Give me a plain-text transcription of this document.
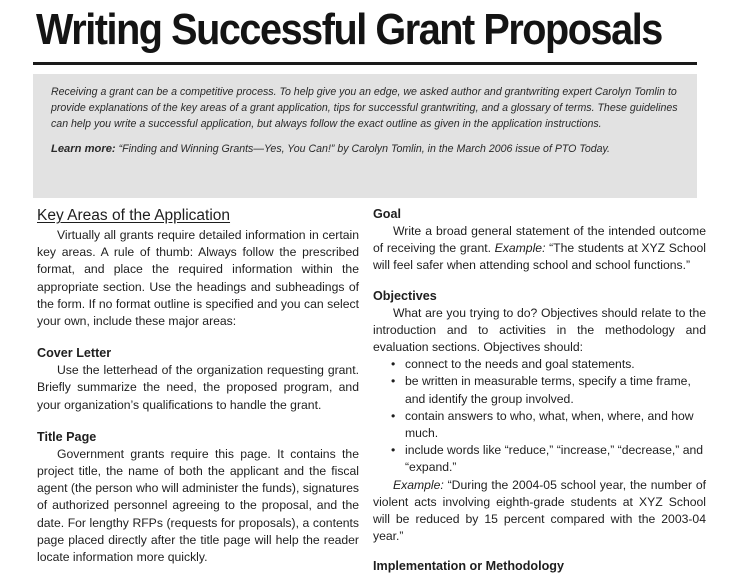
Writing Successful Grant Proposals

Receiving a grant can be a competitive process. To help give you an edge, we asked author and grantwriting expert Carolyn Tomlin to provide explanations of the key areas of a grant application, tips for successful grantwriting, and a glossary of terms. These guidelines can help you write a successful application, but always follow the exact outline as given in the application instructions.

Learn more: “Finding and Winning Grants—Yes, You Can!” by Carolyn Tomlin, in the March 2006 issue of PTO Today.

Key Areas of the Application

Virtually all grants require detailed information in certain key areas. A rule of thumb: Always follow the prescribed format, and place the required information within the appropriate section. Use the headings and subheadings of the form. If no format outline is specified and you can select your own, include these major areas:

Cover Letter

Use the letterhead of the organization requesting grant. Briefly summarize the need, the proposed program, and your organization’s qualifications to handle the grant.

Title Page

Government grants require this page. It contains the project title, the name of both the applicant and the fiscal agent (the person who will administer the funds), signatures of authorized personnel agreeing to the proposal, and the date. For lengthy RFPs (requests for proposals), a contents page placed directly after the title page will help the reader locate information more quickly.

Goal

Write a broad general statement of the intended outcome of receiving the grant. Example: “The students at XYZ School will feel safer when attending school and school functions.”

Objectives

What are you trying to do? Objectives should relate to the introduction and to activities in the methodology and evaluation sections. Objectives should:

• connect to the needs and goal statements.
• be written in measurable terms, specify a time frame, and identify the group involved.
• contain answers to who, what, when, where, and how much.
• include words like “reduce,” “increase,” “decrease,” and “expand.”

Example: “During the 2004-05 school year, the number of violent acts involving eighth-grade students at XYZ School will be reduced by 15 percent compared with the 2003-04 year.”

Implementation or Methodology
